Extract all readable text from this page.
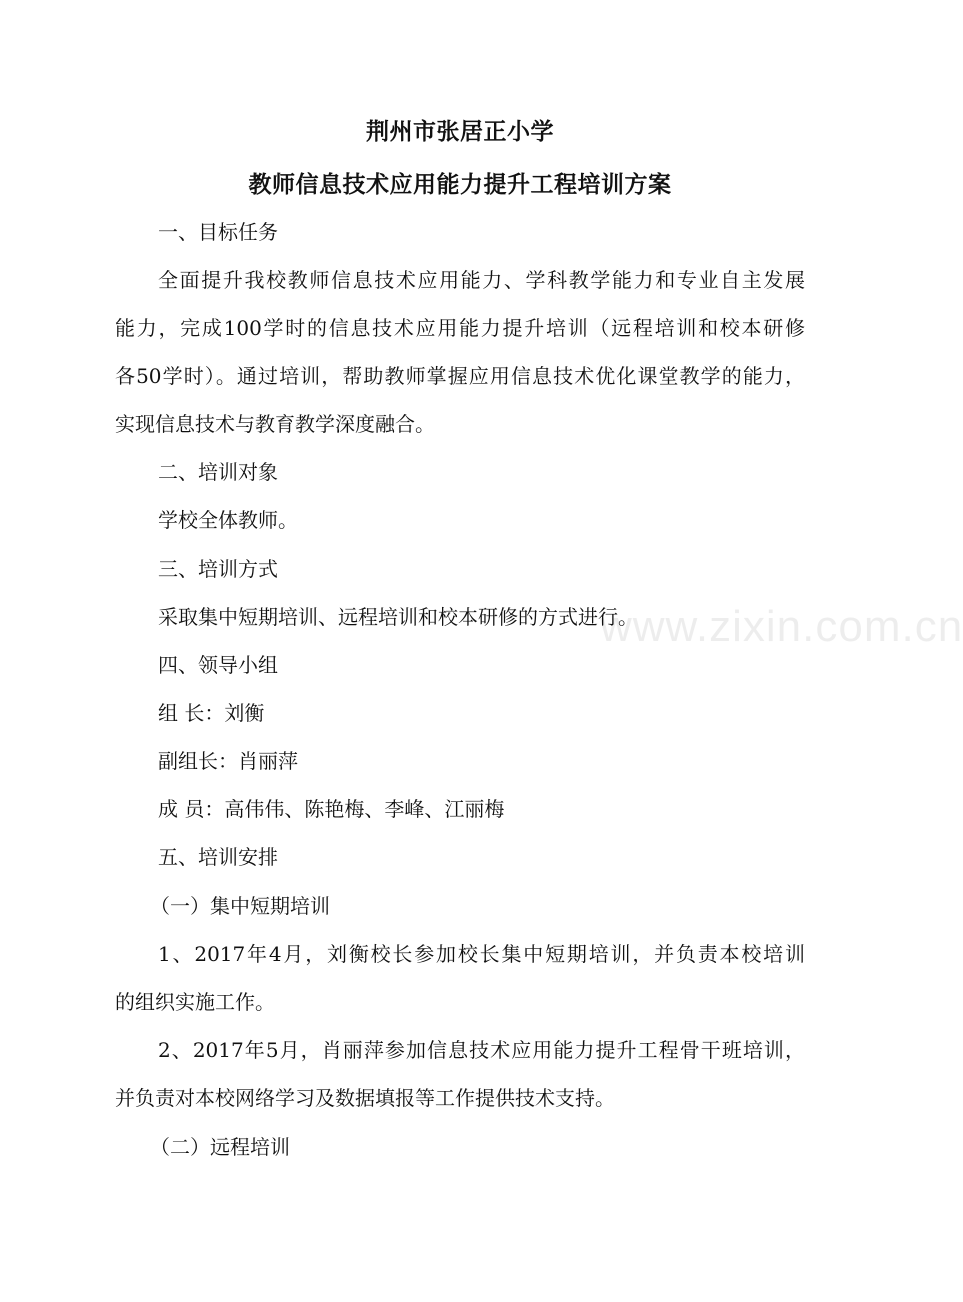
荆州市张居正小学
教师信息技术应用能力提升工程培训方案
一、目标任务
全面提升我校教师信息技术应用能力、学科教学能力和专业自主发展
能力，完成100学时的信息技术应用能力提升培训（远程培训和校本研修
各50学时）。通过培训，帮助教师掌握应用信息技术优化课堂教学的能力，
实现信息技术与教育教学深度融合。
二、培训对象
学校全体教师。
三、培训方式
采取集中短期培训、远程培训和校本研修的方式进行。
四、领导小组
组 长：刘衡
副组长：肖丽萍
成 员：高伟伟、陈艳梅、李峰、江丽梅
五、培训安排
（一）集中短期培训
1、2017年4月，刘衡校长参加校长集中短期培训，并负责本校培训
的组织实施工作。
2、2017年5月，肖丽萍参加信息技术应用能力提升工程骨干班培训，
并负责对本校网络学习及数据填报等工作提供技术支持。
（二）远程培训
www.zixin.com.cn
